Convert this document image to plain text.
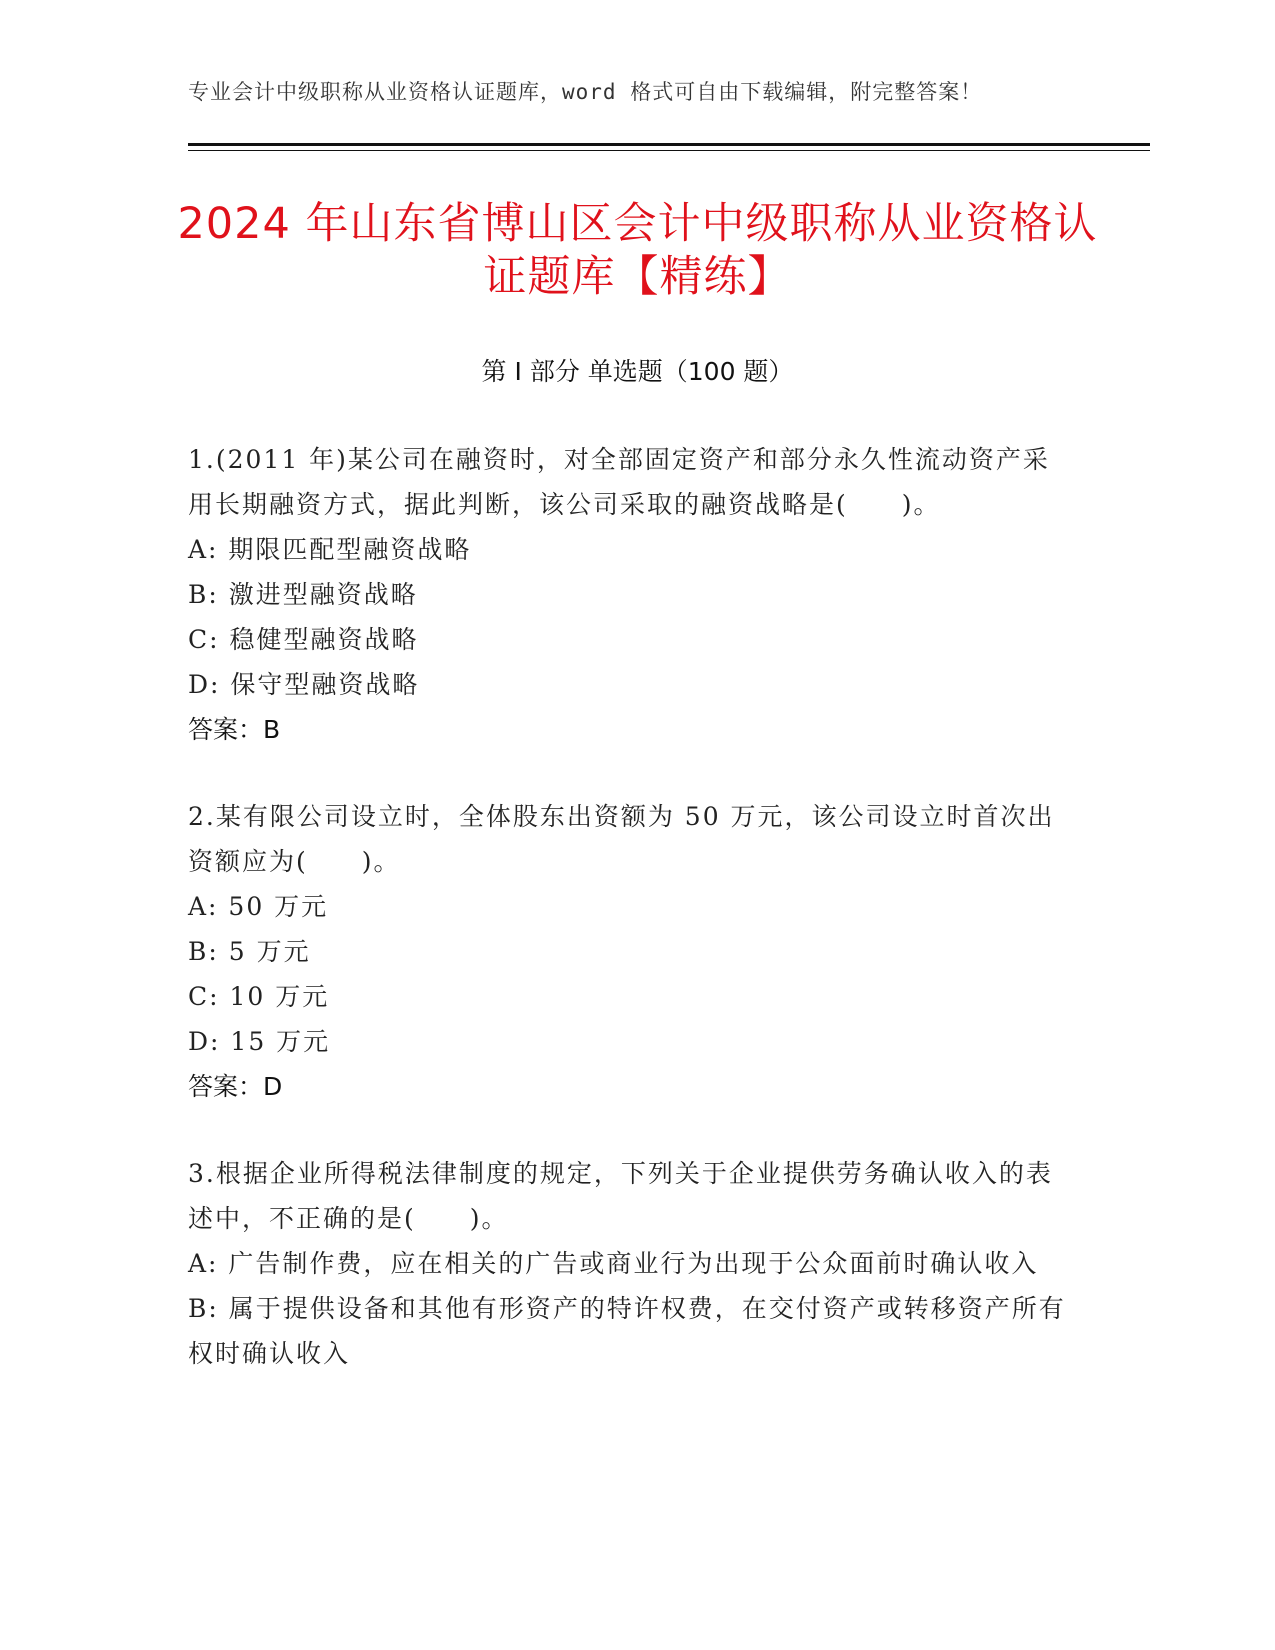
专业会计中级职称从业资格认证题库，word 格式可自由下载编辑，附完整答案！
2024 年山东省博山区会计中级职称从业资格认证题库【精练】
第 I 部分 单选题（100 题）

1.(2011 年)某公司在融资时，对全部固定资产和部分永久性流动资产采用长期融资方式，据此判断，该公司采取的融资战略是(　　)。

A: 期限匹配型融资战略

B: 激进型融资战略

C: 稳健型融资战略

D: 保守型融资战略

答案：B

2.某有限公司设立时，全体股东出资额为 50 万元，该公司设立时首次出资额应为(　　)。

A: 50 万元

B: 5 万元

C: 10 万元

D: 15 万元

答案：D

3.根据企业所得税法律制度的规定，下列关于企业提供劳务确认收入的表述中，不正确的是(　　)。

A: 广告制作费，应在相关的广告或商业行为出现于公众面前时确认收入

B: 属于提供设备和其他有形资产的特许权费，在交付资产或转移资产所有权时确认收入
